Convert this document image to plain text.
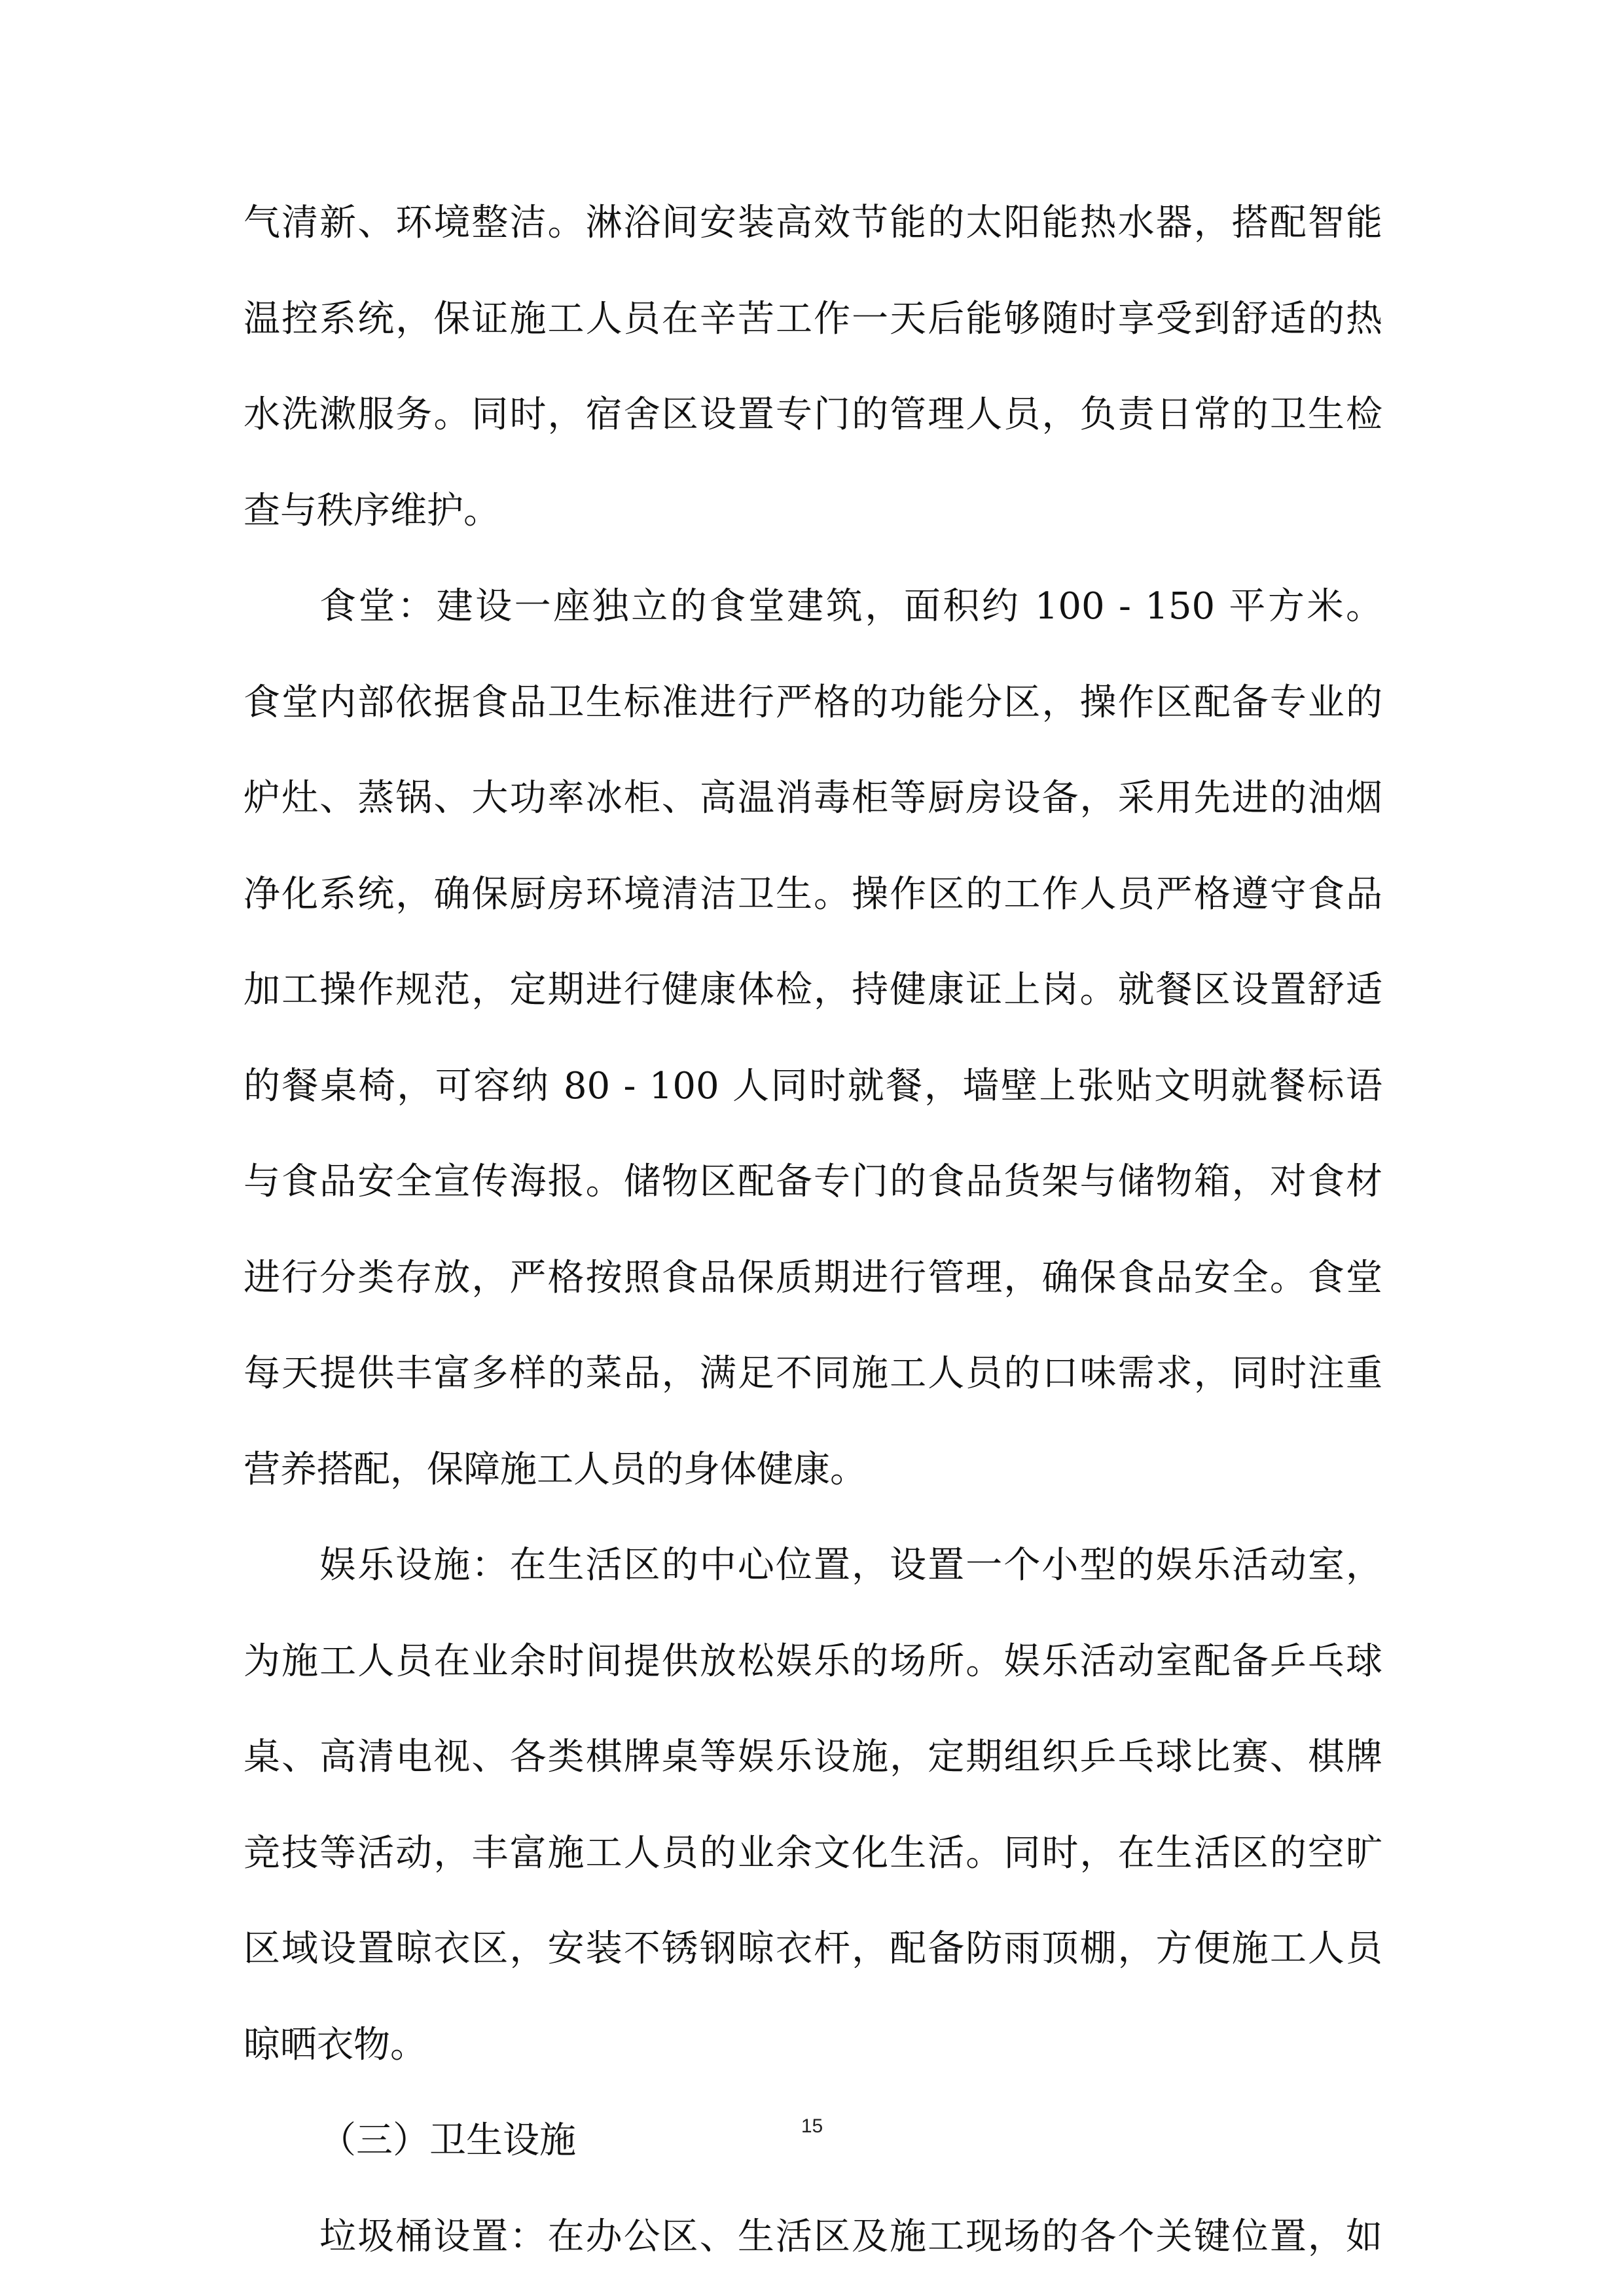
气清新、环境整洁。淋浴间安装高效节能的太阳能热水器，搭配智能
温控系统，保证施工人员在辛苦工作一天后能够随时享受到舒适的热
水洗漱服务。同时，宿舍区设置专门的管理人员，负责日常的卫生检
查与秩序维护。
食堂：建设一座独立的食堂建筑，面积约 100 - 150 平方米。
食堂内部依据食品卫生标准进行严格的功能分区，操作区配备专业的
炉灶、蒸锅、大功率冰柜、高温消毒柜等厨房设备，采用先进的油烟
净化系统，确保厨房环境清洁卫生。操作区的工作人员严格遵守食品
加工操作规范，定期进行健康体检，持健康证上岗。就餐区设置舒适
的餐桌椅，可容纳 80 - 100 人同时就餐，墙壁上张贴文明就餐标语
与食品安全宣传海报。储物区配备专门的食品货架与储物箱，对食材
进行分类存放，严格按照食品保质期进行管理，确保食品安全。食堂
每天提供丰富多样的菜品，满足不同施工人员的口味需求，同时注重
营养搭配，保障施工人员的身体健康。
娱乐设施：在生活区的中心位置，设置一个小型的娱乐活动室，
为施工人员在业余时间提供放松娱乐的场所。娱乐活动室配备乒乓球
桌、高清电视、各类棋牌桌等娱乐设施，定期组织乒乓球比赛、棋牌
竞技等活动，丰富施工人员的业余文化生活。同时，在生活区的空旷
区域设置晾衣区，安装不锈钢晾衣杆，配备防雨顶棚，方便施工人员
晾晒衣物。
（三）卫生设施
垃圾桶设置：在办公区、生活区及施工现场的各个关键位置，如
15
